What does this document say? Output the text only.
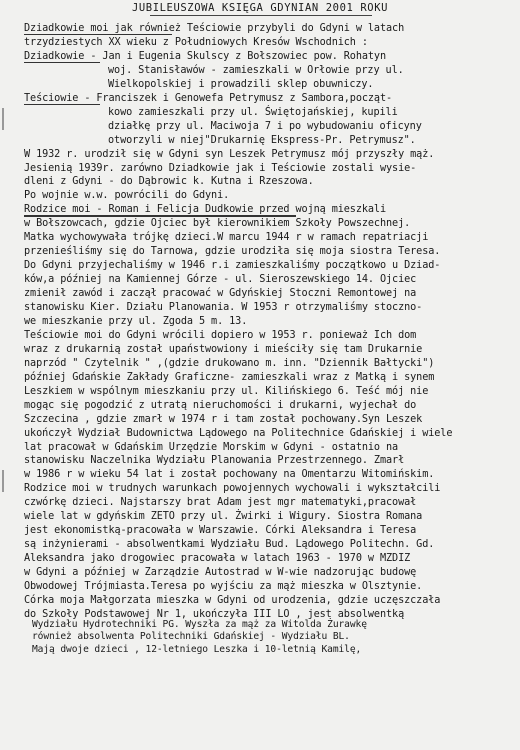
JUBILEUSZOWA KSIĘGA GDYNIAN 2001 ROKU
Dziadkowie moi jak również Teściowie przybyli do Gdyni w latach
trzydziestych XX wieku z Południowych Kresów Wschodnich :
Dziadkowie - Jan i Eugenia Skulscy z Bołszowiec pow. Rohatyn
woj. Stanisławów - zamieszkali w Orłowie przy ul.
Wielkopolskiej i prowadzili sklep obuwniczy.
Teściowie - Franciszek i Genowefa Petrymusz z Sambora,począt-
kowo zamieszkali przy ul. Świętojańskiej, kupili
działkę przy ul. Maciwoja 7 i po wybudowaniu oficyny
otworzyli w niej"Drukarnię Ekspress-Pr. Petrymusz".
W 1932 r. urodził się w Gdyni syn Leszek Petrymusz mój przyszły mąż.
Jesienią 1939r. zarówno Dziadkowie jak i Teściowie zostali wysie-
dleni z Gdyni - do Dąbrowic k. Kutna i Rzeszowa.
Po wojnie w.w. powrócili do Gdyni.
Rodzice moi - Roman i Felicja Dudkowie przed wojną mieszkali
w Bołszowcach, gdzie Ojciec był kierownikiem Szkoły Powszechnej.
Matka wychowywała trójkę dzieci.W marcu 1944 r w ramach repatriacji
przenieśliśmy się do Tarnowa, gdzie urodziła się moja siostra Teresa.
Do Gdyni przyjechaliśmy w 1946 r.i zamieszkaliśmy początkowo u Dziad-
ków,a później na Kamiennej Górze - ul. Sieroszewskiego 14. Ojciec
zmienił zawód i zaczął pracować w Gdyńskiej Stoczni Remontowej na
stanowisku Kier. Działu Planowania. W 1953 r otrzymaliśmy stoczno-
we mieszkanie przy ul. Zgoda 5 m. 13.
Teściowie moi do Gdyni wrócili dopiero w 1953 r. ponieważ Ich dom
wraz z drukarnią został upaństwowiony i mieściły się tam Drukarnie
naprzód " Czytelnik " ,(gdzie drukowano m. inn. "Dziennik Bałtycki")
później Gdańskie Zakłady Graficzne- zamieszkali wraz z Matką i synem
Leszkiem w wspólnym mieszkaniu przy ul. Kilińskiego 6. Teść mój nie
mogąc się pogodzić z utratą nieruchomości i drukarni, wyjechał do
Szczecina , gdzie zmarł w 1974 r i tam został pochowany.Syn Leszek
ukończył Wydział Budownictwa Lądowego na Politechnice Gdańskiej i wiele
lat pracował w Gdańskim Urzędzie Morskim w Gdyni - ostatnio na
stanowisku Naczelnika Wydziału Planowania Przestrzennego. Zmarł
w 1986 r w wieku 54 lat i został pochowany na Omentarzu Witomińskim.
Rodzice moi w trudnych warunkach powojennych wychowali i wykształcili
czwórkę dzieci. Najstarszy brat Adam jest mgr matematyki,pracował
wiele lat w gdyńskim ZETO przy ul. Żwirki i Wigury. Siostra Romana
jest ekonomistką-pracowała w Warszawie. Córki Aleksandra i Teresa
są inżynierami - absolwentkami Wydziału Bud. Lądowego Politechn. Gd.
Aleksandra jako drogowiec pracowała w latach 1963 - 1970 w MZDIZ
w Gdyni a później w Zarządzie Autostrad w W-wie nadzorując budowę
Obwodowej Trójmiasta.Teresa po wyjściu za mąż mieszka w Olsztynie.
Córka moja Małgorzata mieszka w Gdyni od urodzenia, gdzie uczęszczała
do Szkoły Podstawowej Nr 1, ukończyła III LO , jest absolwentką
Wydziału Hydrotechniki PG. Wyszła za mąż za Witolda Żurawkę
również absolwenta Politechniki Gdańskiej - Wydziału BL.
Mają dwoje dzieci , 12-letniego Leszka i 10-letnią Kamilę,
